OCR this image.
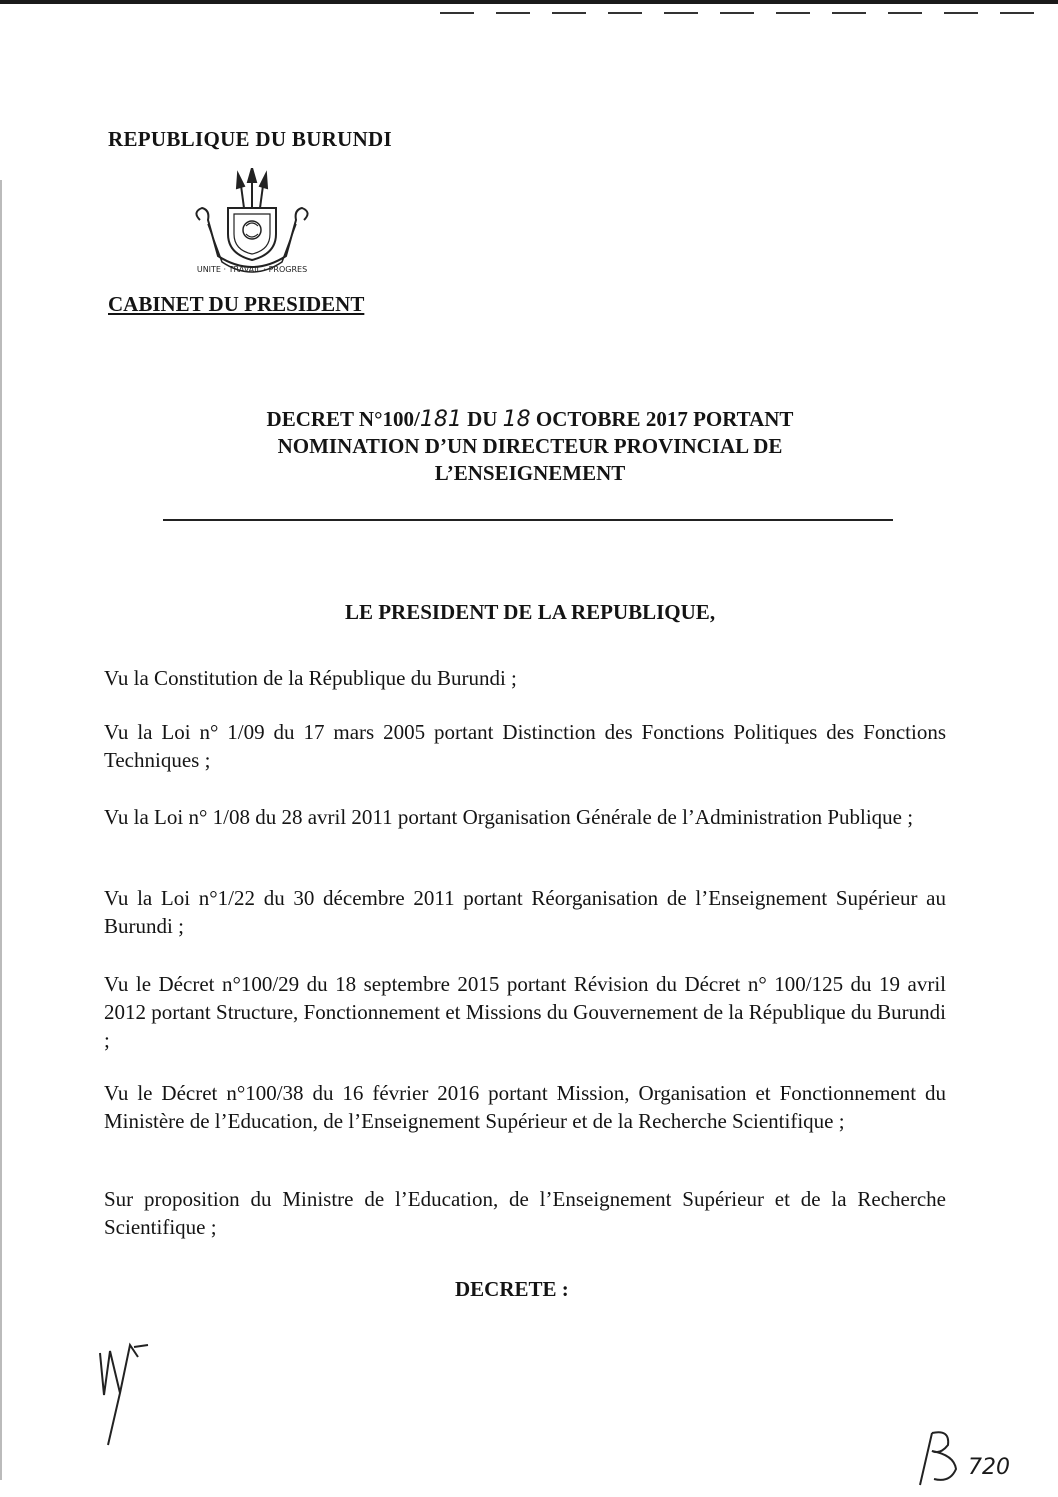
REPUBLIQUE DU BURUNDI
UNITE · TRAVAIL · PROGRES
CABINET DU PRESIDENT
DECRET N°100/181 DU 18 OCTOBRE 2017 PORTANT
NOMINATION D’UN DIRECTEUR PROVINCIAL DE
L’ENSEIGNEMENT
LE PRESIDENT DE LA REPUBLIQUE,
Vu la Constitution de la République du Burundi ;
Vu la Loi n° 1/09 du 17 mars 2005 portant Distinction des Fonctions Politiques des Fonctions Techniques ;
Vu la Loi n° 1/08 du 28 avril 2011 portant Organisation Générale de l’Administration Publique ;
Vu la Loi n°1/22 du 30 décembre 2011 portant Réorganisation de l’Enseignement Supérieur au Burundi ;
Vu le Décret n°100/29 du 18 septembre 2015 portant Révision du Décret n° 100/125 du 19 avril 2012 portant Structure, Fonctionnement et Missions du Gouvernement de la République du Burundi ;
Vu le Décret n°100/38 du 16 février 2016 portant Mission, Organisation et Fonctionnement du Ministère de l’Education, de l’Enseignement Supérieur et de la Recherche Scientifique ;
Sur proposition du Ministre de l’Education, de l’Enseignement Supérieur et de la Recherche Scientifique ;
DECRETE :
720
